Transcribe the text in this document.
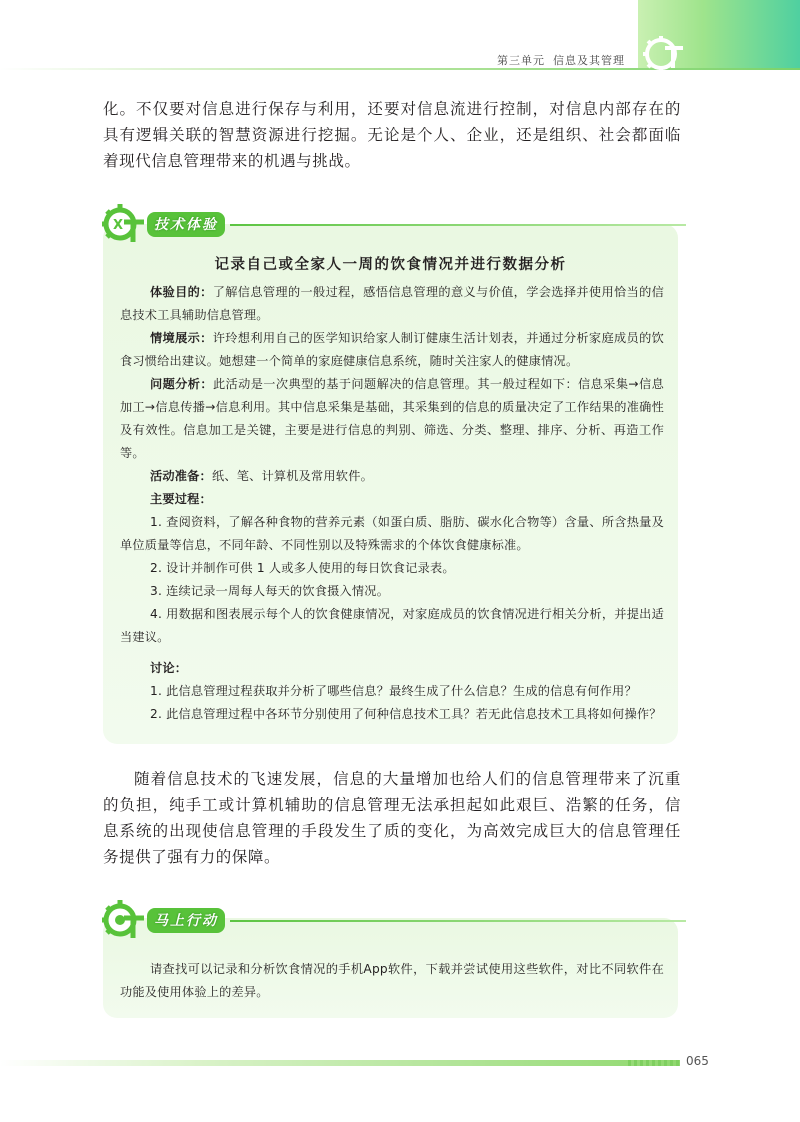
第三单元 信息及其管理

化。不仅要对信息进行保存与利用，还要对信息流进行控制，对信息内部存在的具有逻辑关联的智慧资源进行挖掘。无论是个人、企业，还是组织、社会都面临着现代信息管理带来的机遇与挑战。

X	技术体验
记录自己或全家人一周的饮食情况并进行数据分析

体验目的：了解信息管理的一般过程，感悟信息管理的意义与价值，学会选择并使用恰当的信息技术工具辅助信息管理。

情境展示：许玲想利用自己的医学知识给家人制订健康生活计划表，并通过分析家庭成员的饮食习惯给出建议。她想建一个简单的家庭健康信息系统，随时关注家人的健康情况。

问题分析：此活动是一次典型的基于问题解决的信息管理。其一般过程如下：信息采集→信息加工→信息传播→信息利用。其中信息采集是基础，其采集到的信息的质量决定了工作结果的准确性及有效性。信息加工是关键，主要是进行信息的判别、筛选、分类、整理、排序、分析、再造工作等。

活动准备：纸、笔、计算机及常用软件。

主要过程：

1. 查阅资料，了解各种食物的营养元素（如蛋白质、脂肪、碳水化合物等）含量、所含热量及单位质量等信息，不同年龄、不同性别以及特殊需求的个体饮食健康标准。

2. 设计并制作可供 1 人或多人使用的每日饮食记录表。

3. 连续记录一周每人每天的饮食摄入情况。

4. 用数据和图表展示每个人的饮食健康情况，对家庭成员的饮食情况进行相关分析，并提出适当建议。

讨论：

1. 此信息管理过程获取并分析了哪些信息？最终生成了什么信息？生成的信息有何作用？

2. 此信息管理过程中各环节分别使用了何种信息技术工具？若无此信息技术工具将如何操作？

随着信息技术的飞速发展，信息的大量增加也给人们的信息管理带来了沉重的负担，纯手工或计算机辅助的信息管理无法承担起如此艰巨、浩繁的任务，信息系统的出现使信息管理的手段发生了质的变化，为高效完成巨大的信息管理任务提供了强有力的保障。

马上行动

请查找可以记录和分析饮食情况的手机App软件，下载并尝试使用这些软件，对比不同软件在功能及使用体验上的差异。

065
